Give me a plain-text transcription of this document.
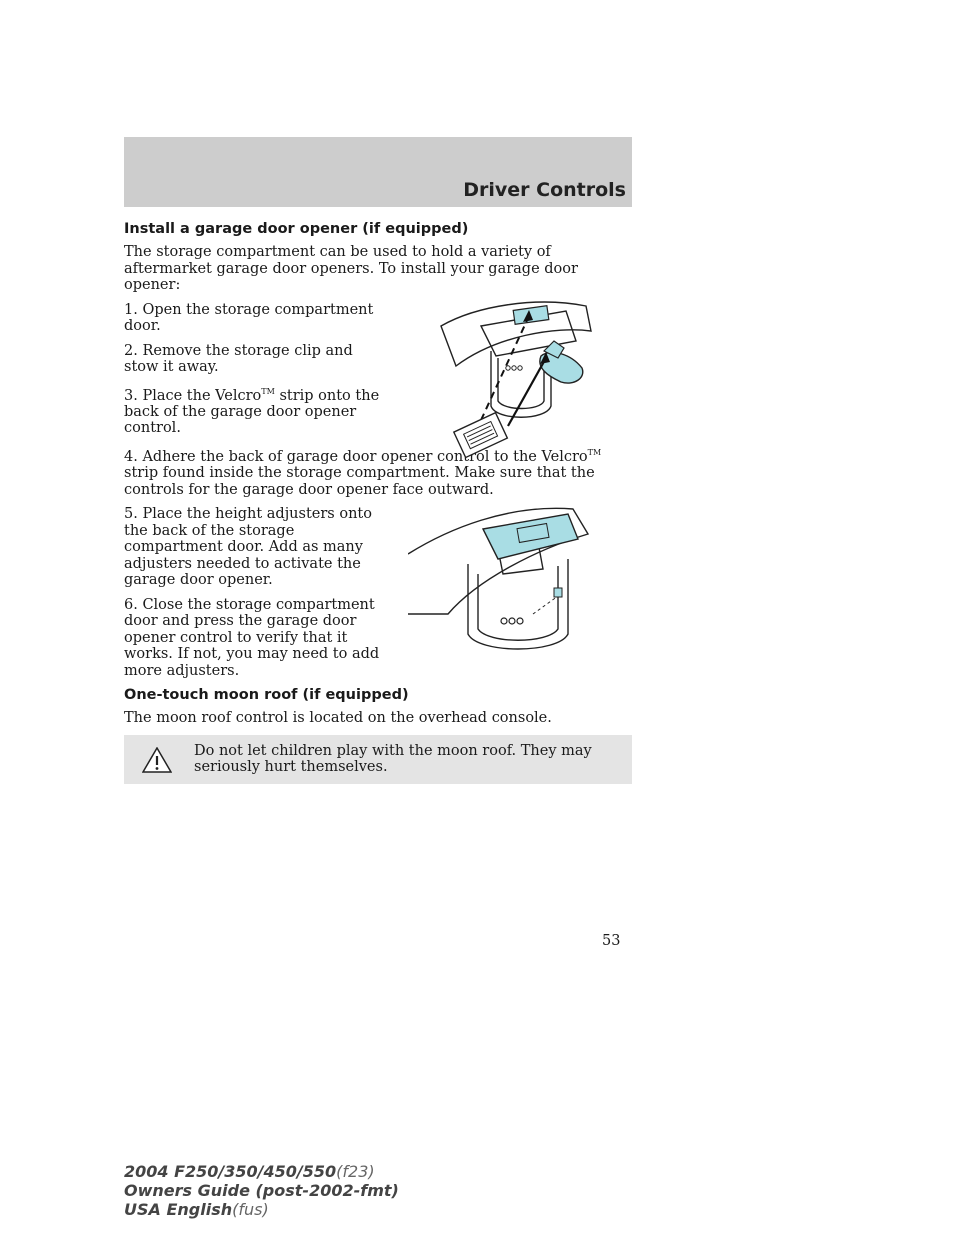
Driver Controls
Install a garage door opener (if equipped)

The storage compartment can be used to hold a variety of aftermarket garage door openers. To install your garage door opener:

1. Open the storage compartment door.

2. Remove the storage clip and stow it away.

3. Place the Velcro™ strip onto the back of the garage door opener control.

4. Adhere the back of garage door opener control to the Velcro™ strip found inside the storage compartment. Make sure that the controls for the garage door opener face outward.

5. Place the height adjusters onto the back of the storage compartment door. Add as many adjusters needed to activate the garage door opener.

6. Close the storage compartment door and press the garage door opener control to verify that it works. If not, you may need to add more adjusters.

One-touch moon roof (if equipped)

The moon roof control is located on the overhead console.

Do not let children play with the moon roof. They may seriously hurt themselves.

53
2004 F250/350/450/550(f23)
Owners Guide (post-2002-fmt)
USA English(fus)
